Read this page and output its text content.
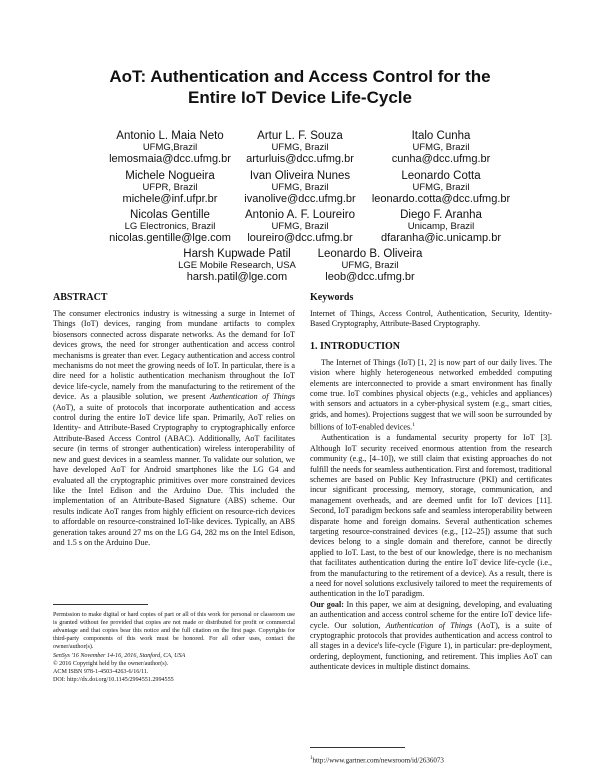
AoT: Authentication and Access Control for the
Entire IoT Device Life-Cycle
Antonio L. Maia Neto
UFMG,Brazil
lemosmaia@dcc.ufmg.br
Artur L. F. Souza
UFMG, Brazil
arturluis@dcc.ufmg.br
Italo Cunha
UFMG, Brazil
cunha@dcc.ufmg.br
Michele Nogueira
UFPR, Brazil
michele@inf.ufpr.br
Ivan Oliveira Nunes
UFMG, Brazil
ivanolive@dcc.ufmg.br
Leonardo Cotta
UFMG, Brazil
leonardo.cotta@dcc.ufmg.br
Nicolas Gentille
LG Electronics, Brazil
nicolas.gentille@lge.com
Antonio A. F. Loureiro
UFMG, Brazil
loureiro@dcc.ufmg.br
Diego F. Aranha
Unicamp, Brazil
dfaranha@ic.unicamp.br
Harsh Kupwade Patil
LGE Mobile Research, USA
harsh.patil@lge.com
Leonardo B. Oliveira
UFMG, Brazil
leob@dcc.ufmg.br
ABSTRACT

The consumer electronics industry is witnessing a surge in Internet of Things (IoT) devices, ranging from mundane artifacts to complex biosensors connected across disparate networks. As the demand for IoT devices grows, the need for stronger authentication and access control mechanisms is greater than ever. Legacy authentication and access control mechanisms do not meet the growing needs of IoT. In particular, there is a dire need for a holistic authentication mechanism throughout the IoT device life-cycle, namely from the manufacturing to the retirement of the device. As a plausible solution, we present Authentication of Things (AoT), a suite of protocols that incorporate authentication and access control during the entire IoT device life span. Primarily, AoT relies on Identity- and Attribute-Based Cryptography to cryptographically enforce Attribute-Based Access Control (ABAC). Additionally, AoT facilitates secure (in terms of stronger authentication) wireless interoperability of new and guest devices in a seamless manner. To validate our solution, we have developed AoT for Android smartphones like the LG G4 and evaluated all the cryptographic primitives over more constrained devices like the Intel Edison and the Arduino Due. This included the implementation of an Attribute-Based Signature (ABS) scheme. Our results indicate AoT ranges from highly efficient on resource-rich devices to affordable on resource-constrained IoT-like devices. Typically, an ABS generation takes around 27 ms on the LG G4, 282 ms on the Intel Edison, and 1.5 s on the Arduino Due.

Permission to make digital or hard copies of part or all of this work for personal or classroom use is granted without fee provided that copies are not made or distributed for profit or commercial advantage and that copies bear this notice and the full citation on the first page. Copyrights for third-party components of this work must be honored. For all other uses, contact the owner/author(s).

SenSys '16 November 14-16, 2016, Stanford, CA, USA

© 2016 Copyright held by the owner/author(s).

ACM ISBN 978-1-4503-4263-6/16/11.

DOI: http://dx.doi.org/10.1145/2994551.2994555

Keywords

Internet of Things, Access Control, Authentication, Security, Identity-Based Cryptography, Attribute-Based Cryptography.

1. INTRODUCTION

The Internet of Things (IoT) [1, 2] is now part of our daily lives. The vision where highly heterogeneous networked embedded computing elements are interconnected to provide a smart environment has finally come true. IoT combines physical objects (e.g., vehicles and appliances) with sensors and actuators in a cyber-physical system (e.g., smart cities, grids, and homes). Projections suggest that we will soon be surrounded by billions of IoT-enabled devices.$^1$

Authentication is a fundamental security property for IoT [3]. Although IoT security received enormous attention from the research community (e.g., [4–10]), we still claim that existing approaches do not fulfill the needs for seamless authentication. First and foremost, traditional schemes are based on Public Key Infrastructure (PKI) and certificates incur significant processing, memory, storage, communication, and management overheads, and are deemed unfit for IoT devices [11]. Second, IoT paradigm beckons safe and seamless interoperability between disparate home and foreign domains. Several authentication schemes targeting resource-constrained devices (e.g., [12–25]) assume that such devices belong to a single domain and therefore, cannot be directly applied to IoT. Last, to the best of our knowledge, there is no mechanism that facilitates authentication during the entire IoT device life-cycle (i.e., from the manufacturing to the retirement of a device). As a result, there is a need for novel solutions exclusively tailored to meet the requirements of authentication in the IoT paradigm.

Our goal: In this paper, we aim at designing, developing, and evaluating an authentication and access control scheme for the entire IoT device life-cycle. Our solution, Authentication of Things (AoT), is a suite of cryptographic protocols that provides authentication and access control to all stages in a device's life-cycle (Figure 1), in particular: pre-deployment, ordering, deployment, functioning, and retirement. This implies AoT can authenticate devices in multiple distinct domains.

$^1$http://www.gartner.com/newsroom/id/2636073
